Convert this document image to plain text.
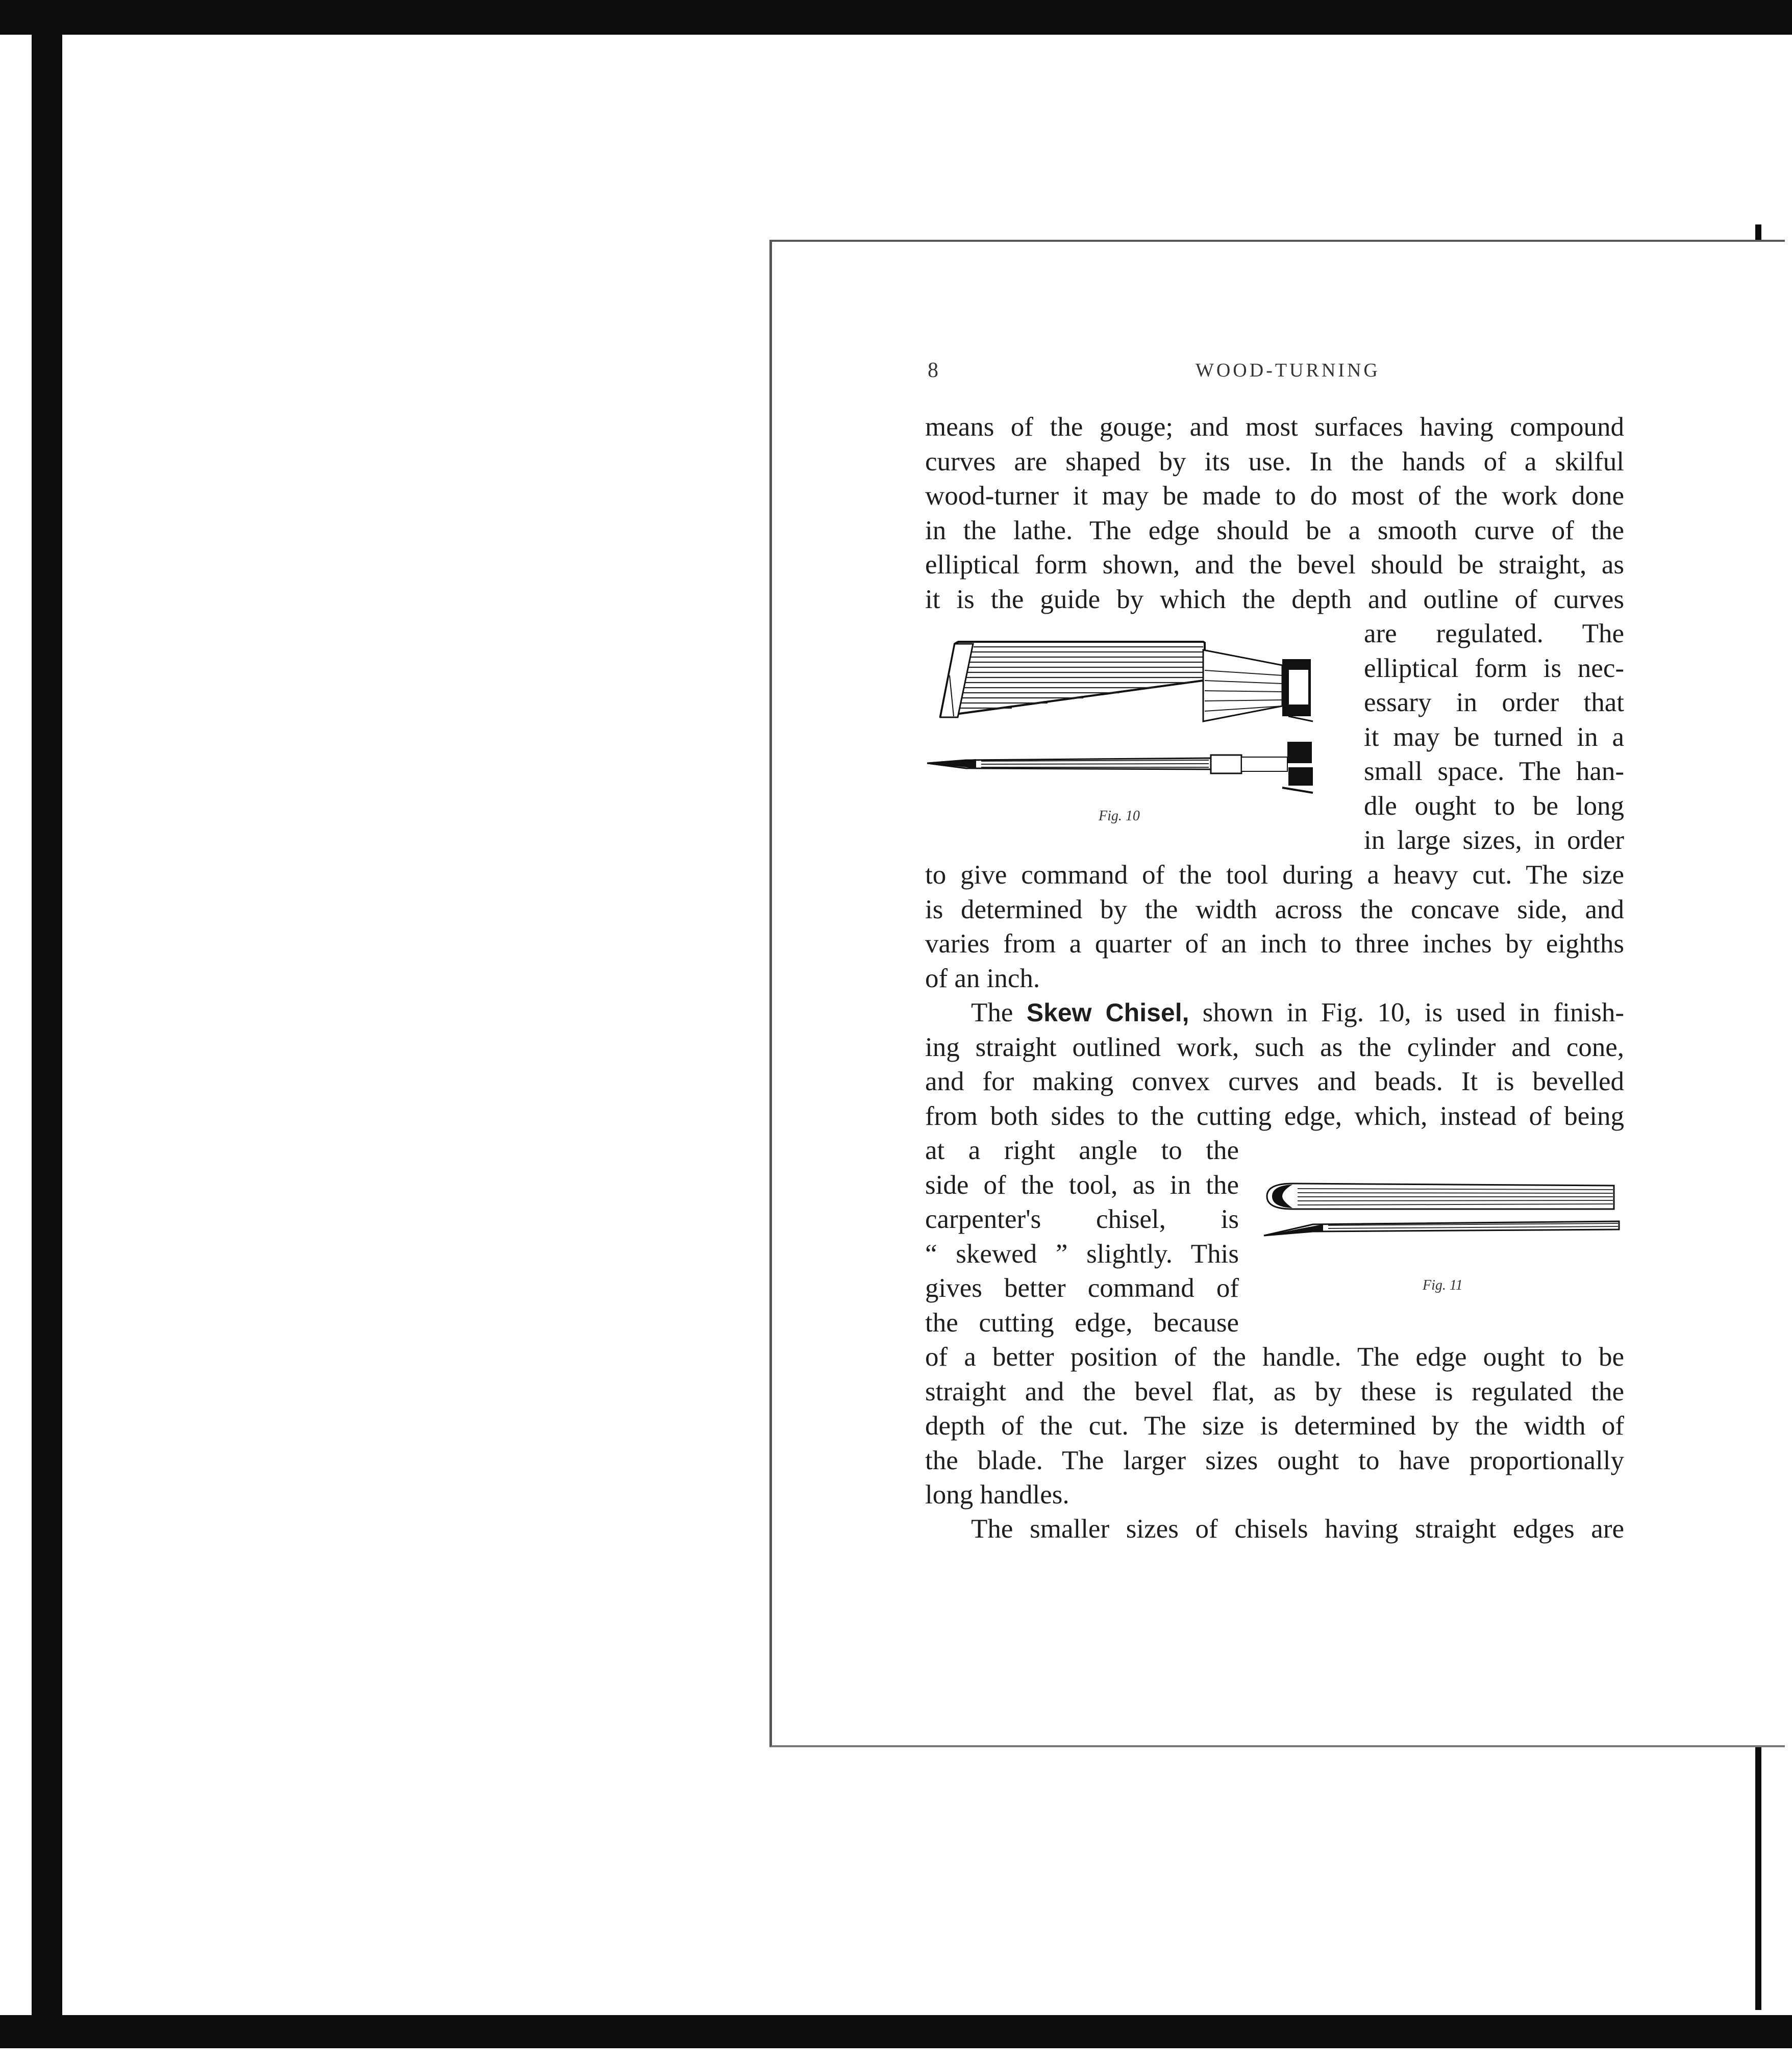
8	WOOD-TURNING
means of the gouge; and most surfaces having compound
curves are shaped by its use. In the hands of a skilful
wood-turner it may be made to do most of the work done
in the lathe. The edge should be a smooth curve of the
elliptical form shown, and the bevel should be straight, as
it is the guide by which the depth and outline of curves
are regulated. The
elliptical form is nec-
essary in order that
it may be turned in a
small space. The han-
dle ought to be long
in large sizes, in order
Fig. 10
to give command of the tool during a heavy cut. The size
is determined by the width across the concave side, and
varies from a quarter of an inch to three inches by eighths
of an inch.
The Skew Chisel, shown in Fig. 10, is used in finish-
ing straight outlined work, such as the cylinder and cone,
and for making convex curves and beads. It is bevelled
from both sides to the cutting edge, which, instead of being
at a right angle to the
side of the tool, as in the
carpenter's chisel, is
“ skewed ” slightly. This
gives better command of
the cutting edge, because
Fig. 11
of a better position of the handle. The edge ought to be
straight and the bevel flat, as by these is regulated the
depth of the cut. The size is determined by the width of
the blade. The larger sizes ought to have proportionally
long handles.
The smaller sizes of chisels having straight edges are
